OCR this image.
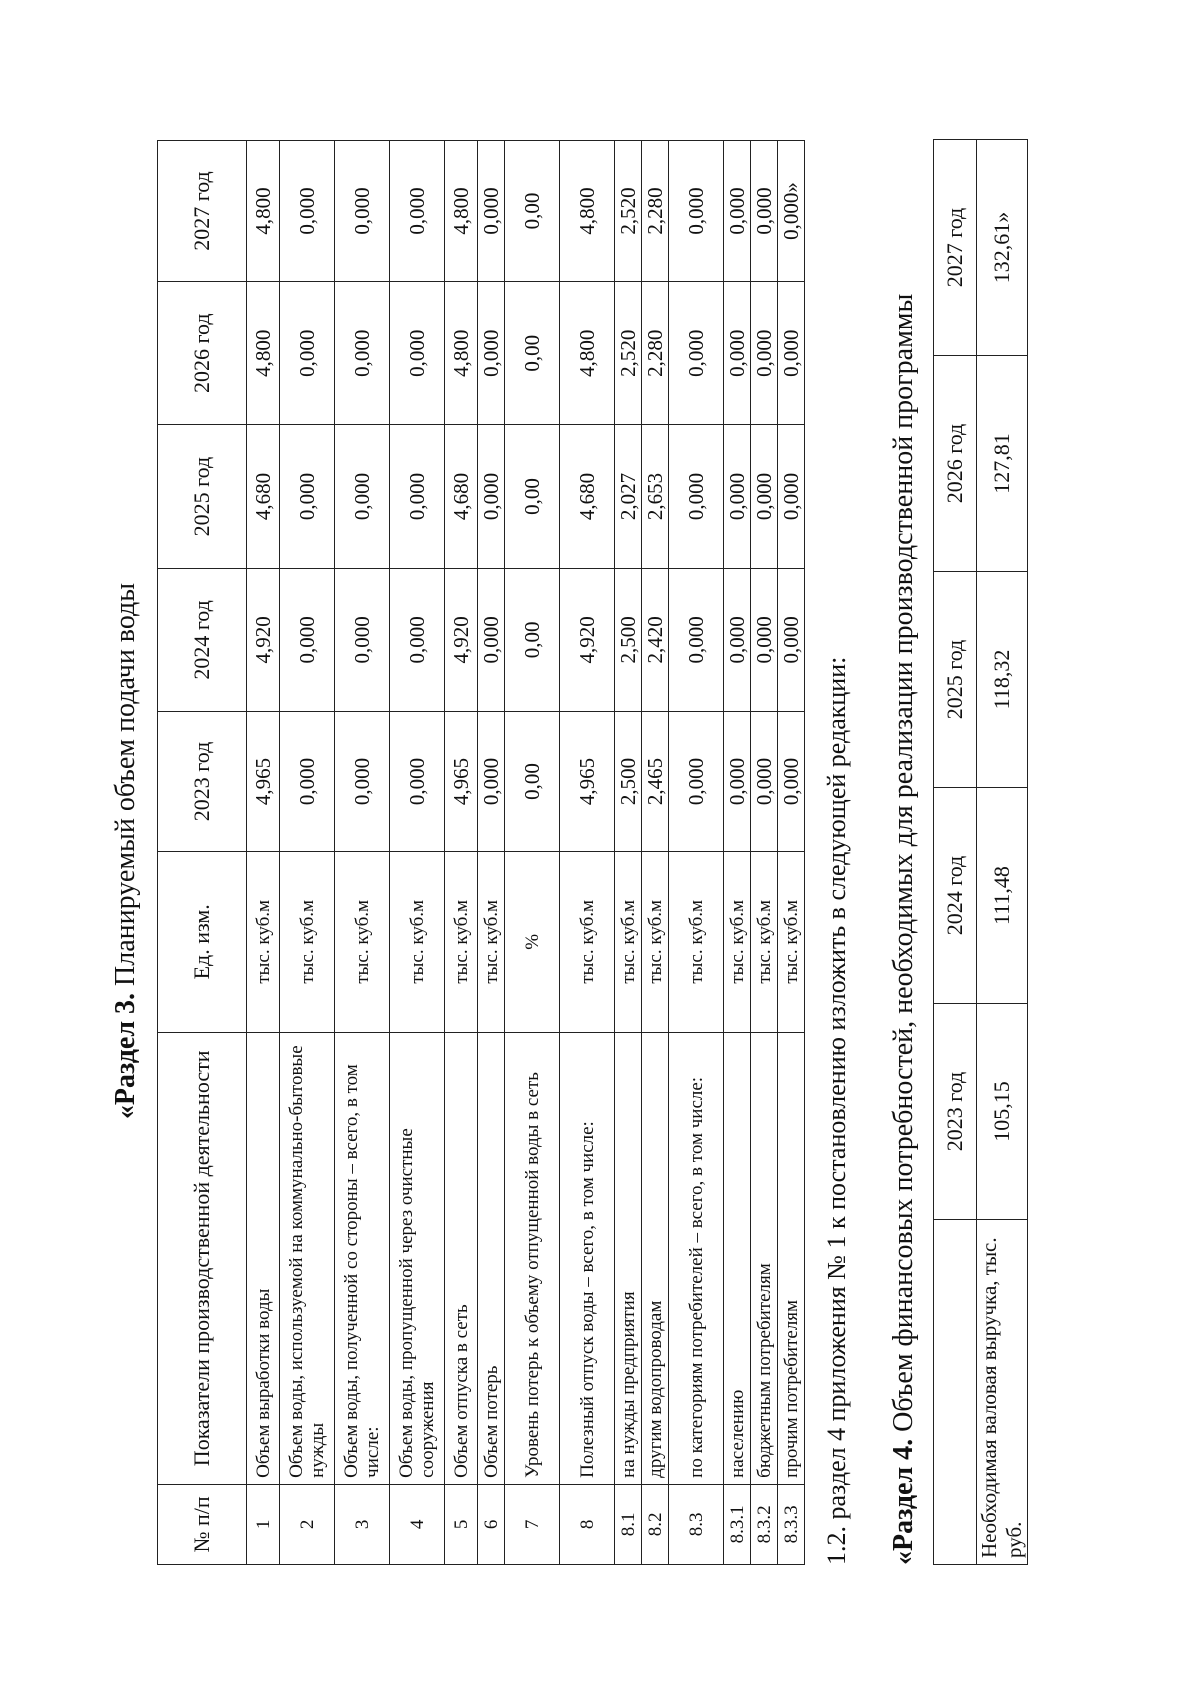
«Раздел 3. Планируемый объем подачи воды
№ п/п	Показатели производственной деятельности	Ед. изм.	2023 год	2024 год	2025 год	2026 год	2027 год
1	Объем выработки воды	тыс. куб.м	4,965	4,920	4,680	4,800	4,800
2	Объем воды, используемой на коммунально-бытовые нужды	тыс. куб.м	0,000	0,000	0,000	0,000	0,000
3	Объем воды, полученной со стороны – всего, в том числе:	тыс. куб.м	0,000	0,000	0,000	0,000	0,000
4	Объем воды, пропущенной через очистные сооружения	тыс. куб.м	0,000	0,000	0,000	0,000	0,000
5	Объем отпуска в сеть	тыс. куб.м	4,965	4,920	4,680	4,800	4,800
6	Объем потерь	тыс. куб.м	0,000	0,000	0,000	0,000	0,000
7	Уровень потерь к объему отпущенной воды в сеть	%	0,00	0,00	0,00	0,00	0,00
8	Полезный отпуск воды – всего, в том числе:	тыс. куб.м	4,965	4,920	4,680	4,800	4,800
8.1	на нужды предприятия	тыс. куб.м	2,500	2,500	2,027	2,520	2,520
8.2	другим водопроводам	тыс. куб.м	2,465	2,420	2,653	2,280	2,280
8.3	по категориям потребителей – всего, в том числе:	тыс. куб.м	0,000	0,000	0,000	0,000	0,000
8.3.1	населению	тыс. куб.м	0,000	0,000	0,000	0,000	0,000
8.3.2	бюджетным потребителям	тыс. куб.м	0,000	0,000	0,000	0,000	0,000
8.3.3	прочим потребителям	тыс. куб.м	0,000	0,000	0,000	0,000	0,000»
1.2. раздел 4 приложения № 1 к постановлению изложить в следующей редакции: «Раздел 4. Объем финансовых потребностей, необходимых для реализации производственной программы
	2023 год	2024 год	2025 год	2026 год	2027 год
Необходимая валовая выручка, тыс. руб.	105,15	111,48	118,32	127,81	132,61»
